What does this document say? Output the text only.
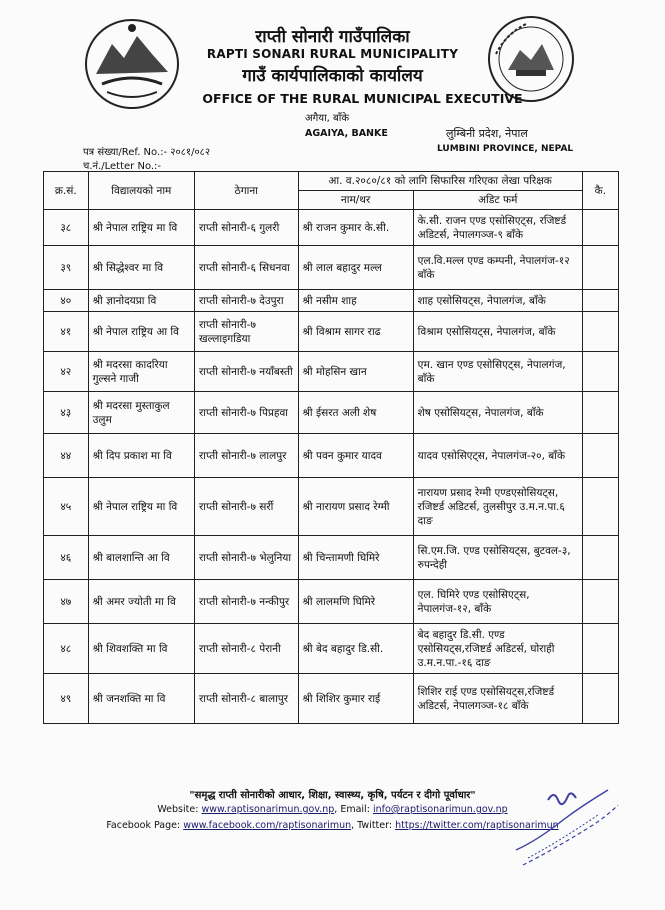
राप्ती सोनारी गाउँपालिका
RAPTI SONARI RURAL MUNICIPALITY
गाउँ कार्यपालिकाको कार्यालय
OFFICE OF THE RURAL MUNICIPAL EXECUTIVE
अगैया, बाँके
AGAIYA, BANKE	लुम्बिनी प्रदेश, नेपाल
LUMBINI PROVINCE, NEPAL
पत्र संख्या/Ref. No.:- २०८१/०८२
च.नं./Letter No.:-
क्र.सं.	विद्यालयको नाम	ठेगाना	आ. व.२०८०/८१ को लागि सिफारिस गरिएका लेखा परिक्षक		कै.
			नाम/थर	अडिट फर्म	
३८	श्री नेपाल राष्ट्रिय मा वि	राप्ती सोनारी-६ गुलरी	श्री राजन कुमार के.सी.	के.सी. राजन एण्ड एसोसिएट्स, रजिष्टर्ड अडिटर्स, नेपालगञ्ज-९ बाँके	
३९	श्री सिद्धेश्वर मा वि	राप्ती सोनारी-६ सिधनवा	श्री लाल बहादुर मल्ल	एल.वि.मल्ल एण्ड कम्पनी, नेपालगंज-१२ बाँके	
४०	श्री ज्ञानोदयप्रा वि	राप्ती सोनारी-७ देउपुरा	श्री नसीम शाह	शाह एसोसियट्स, नेपालगंज, बाँके	
४१	श्री नेपाल राष्ट्रिय आ वि	राप्ती सोनारी-७ खल्लाइगडिया	श्री विश्राम सागर राढ	विश्राम एसोसियट्स, नेपालगंज, बाँके	
४२	श्री मदरसा कादरिया गुल्सने गाजी	राप्ती सोनारी-७ नयाँबस्ती	श्री मोहसिन खान	एम. खान एण्ड एसोसिएट्स, नेपालगंज, बाँके	
४३	श्री मदरसा मुस्ताकुल उलुम	राप्ती सोनारी-७ पिप्रहवा	श्री ईसरत अली शेष	शेष एसोसियट्स, नेपालगंज, बाँके	
४४	श्री दिप प्रकाश मा वि	राप्ती सोनारी-७ लालपुर	श्री पवन कुमार यादव	यादव एसोसिएट्स, नेपालगंज-२०, बाँके	
४५	श्री नेपाल राष्ट्रिय मा वि	राप्ती सोनारी-७ सर्री	श्री नारायण प्रसाद रेग्मी	नारायण प्रसाद रेग्मी एण्डएसोसियट्स, रजिष्टर्ड अडिटर्स, तुलसीपुर उ.म.न.पा.६ दाङ	
४६	श्री बालशान्ति आ वि	राप्ती सोनारी-७ भेलुनिया	श्री चिन्तामणी घिमिरे	सि.एम.जि. एण्ड एसोसियट्स, बुटवल-३, रुपन्देही	
४७	श्री अमर ज्योती मा वि	राप्ती सोनारी-७ नन्कीपुर	श्री लालमणि घिमिरे	एल. घिमिरे एण्ड एसोसिएट्स, नेपालगंज-१२, बाँके	
४८	श्री शिवशक्ति मा वि	राप्ती सोनारी-८ पेरानी	श्री बेद बहादुर डि.सी.	बेद बहादुर डि.सी. एण्ड एसोसियट्स,रजिष्टर्ड अडिटर्स, घोराही उ.म.न.पा.-१६ दाङ	
४९	श्री जनशक्ति मा वि	राप्ती सोनारी-८ बालापुर	श्री शिशिर कुमार राई	शिशिर राई एण्ड एसोसियट्स,रजिष्टर्ड अडिटर्स, नेपालगञ्ज-१८ बाँके	
"समृद्ध राप्ती सोनारीको आधार, शिक्षा, स्वास्थ्य, कृषि, पर्यटन र दीगो पूर्वाधार"
Website: www.raptisonarimun.gov.np, Email: info@raptisonarimun.gov.np
Facebook Page: www.facebook.com/raptisonarimun, Twitter: https://twitter.com/raptisonarimun
